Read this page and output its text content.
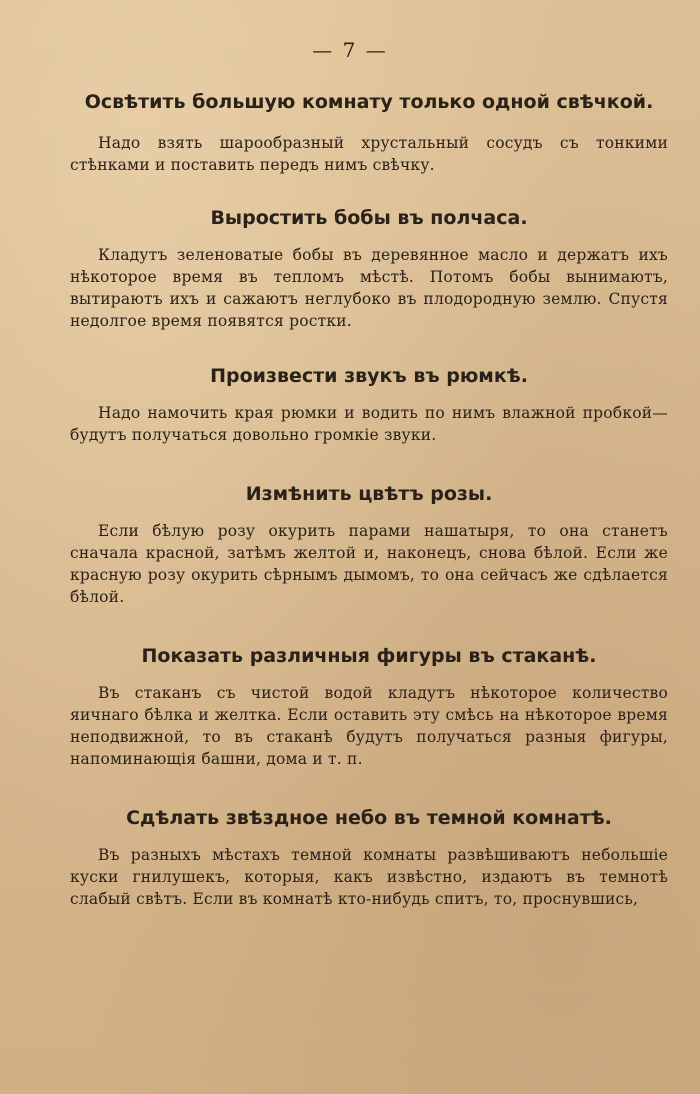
— 7 —
Освѣтить большую комнату только одной свѣчкой.

Надо взять шарообразный хрустальный сосудъ съ тонкими стѣнками и поставить передъ нимъ свѣчку.

Выростить бобы въ полчаса.

Кладутъ зеленоватые бобы въ деревянное масло и держатъ ихъ нѣкоторое время въ тепломъ мѣстѣ. Потомъ бобы вынимаютъ, вытираютъ ихъ и сажаютъ неглубоко въ плодородную землю. Спустя недолгое время появятся ростки.

Произвести звукъ въ рюмкѣ.

Надо намочить края рюмки и водить по нимъ влажной пробкой— будутъ получаться довольно громкіе звуки.

Измѣнить цвѣтъ розы.

Если бѣлую розу окурить парами нашатыря, то она станетъ сначала красной, затѣмъ желтой и, наконецъ, снова бѣлой. Если же красную розу окурить сѣрнымъ дымомъ, то она сейчасъ же сдѣлается бѣлой.

Показать различныя фигуры въ стаканѣ.

Въ стаканъ съ чистой водой кладутъ нѣкоторое количество яичнаго бѣлка и желтка. Если оставить эту смѣсь на нѣкоторое время неподвижной, то въ стаканѣ будутъ получаться разныя фигуры, напоминающія башни, дома и т. п.

Сдѣлать звѣздное небо въ темной комнатѣ.

Въ разныхъ мѣстахъ темной комнаты развѣшиваютъ небольшіе куски гнилушекъ, которыя, какъ извѣстно, издаютъ въ темнотѣ слабый свѣтъ. Если въ комнатѣ кто-нибудь спитъ, то, проснувшись,
